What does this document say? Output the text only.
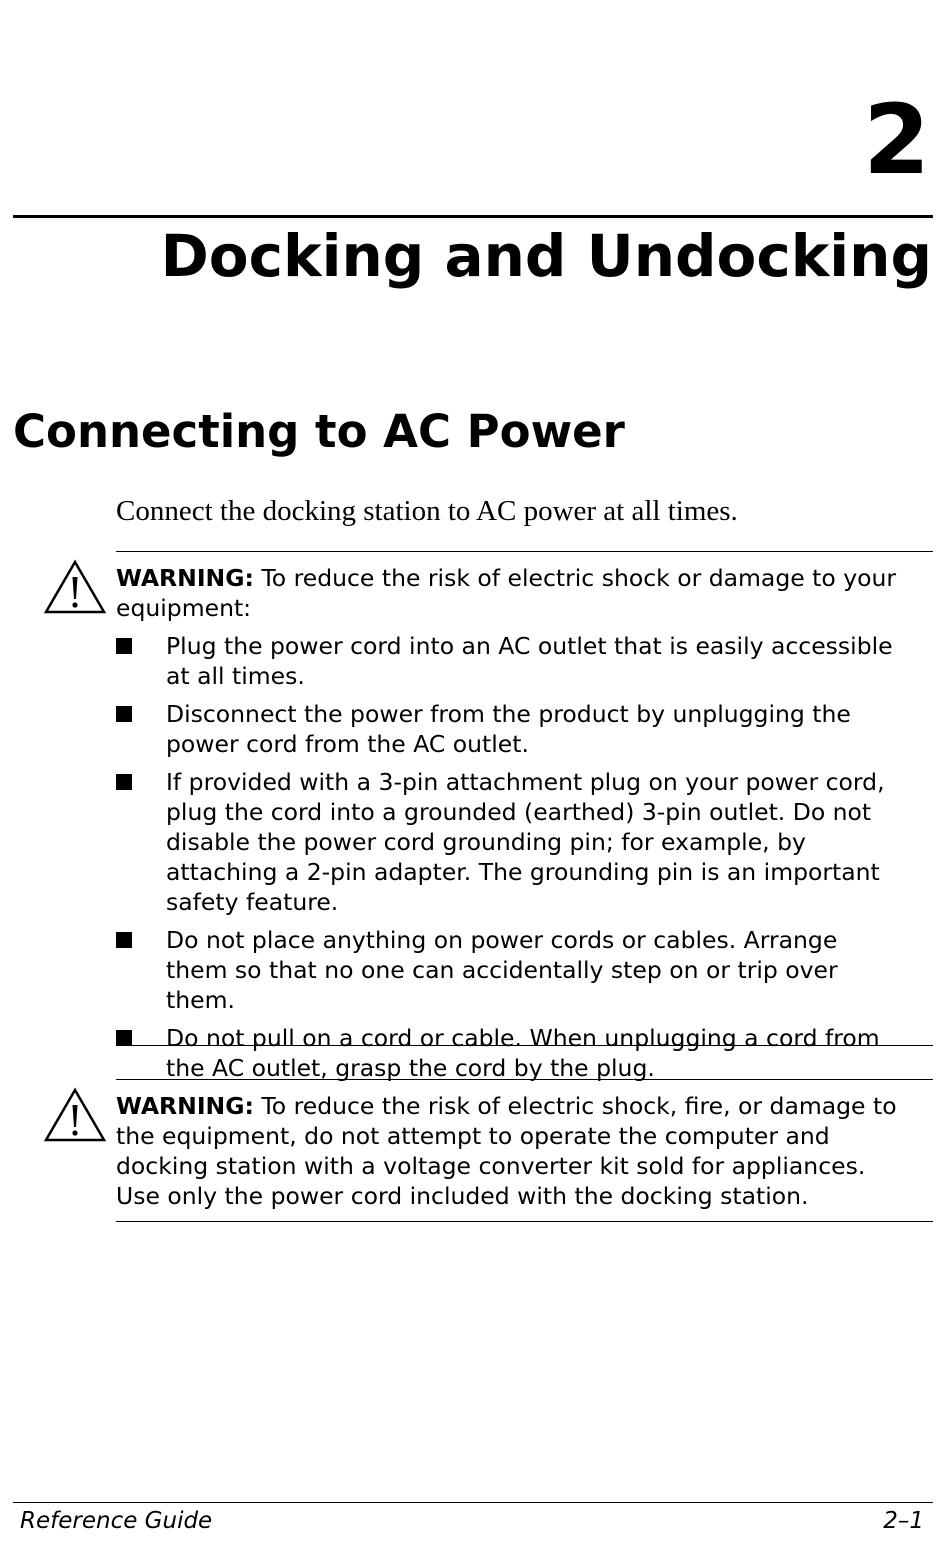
2
Docking and Undocking
Connecting to AC Power
Connect the docking station to AC power at all times.
WARNING: To reduce the risk of electric shock or damage to your equipment:
Plug the power cord into an AC outlet that is easily accessible at all times.
Disconnect the power from the product by unplugging the power cord from the AC outlet.
If provided with a 3-pin attachment plug on your power cord, plug the cord into a grounded (earthed) 3-pin outlet. Do not disable the power cord grounding pin; for example, by attaching a 2-pin adapter. The grounding pin is an important safety feature.
Do not place anything on power cords or cables. Arrange them so that no one can accidentally step on or trip over them.
Do not pull on a cord or cable. When unplugging a cord from the AC outlet, grasp the cord by the plug.
WARNING: To reduce the risk of electric shock, fire, or damage to the equipment, do not attempt to operate the computer and docking station with a voltage converter kit sold for appliances. Use only the power cord included with the docking station.
Reference Guide	2–1
